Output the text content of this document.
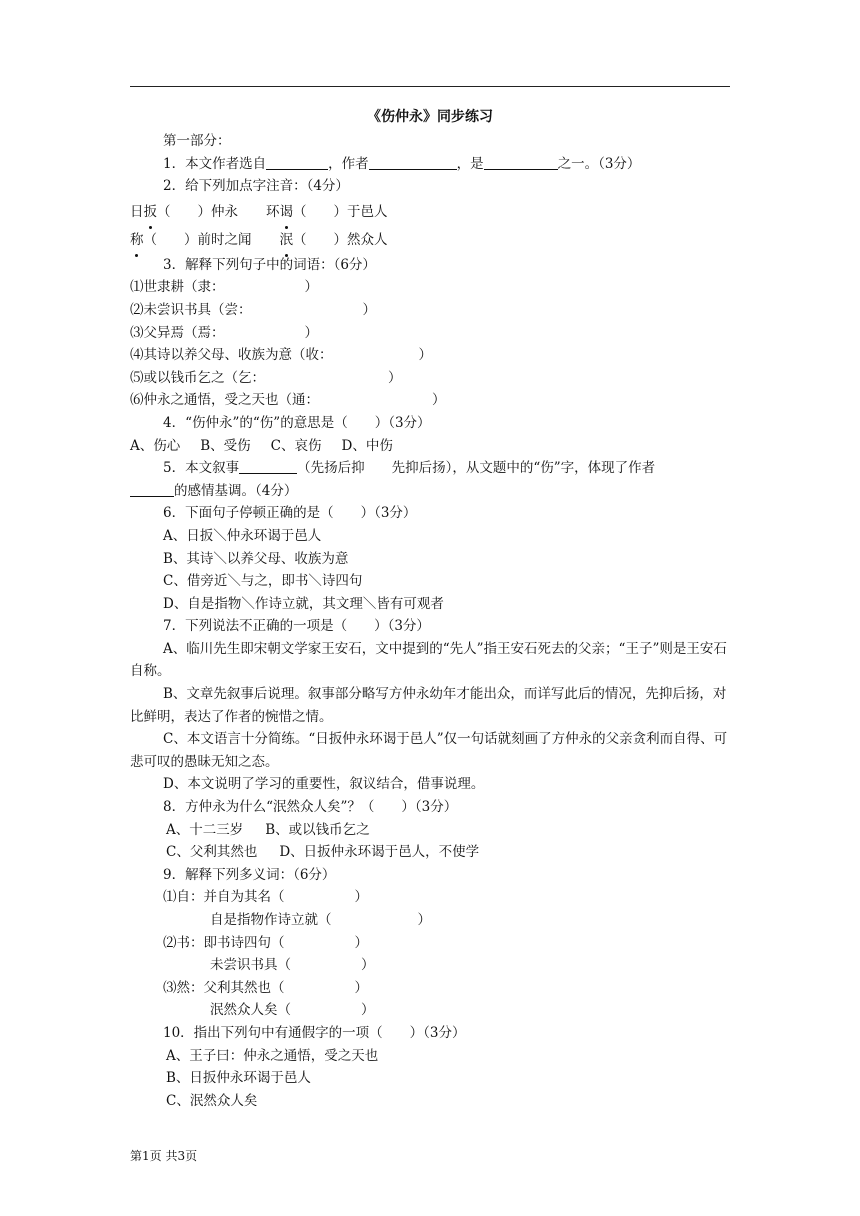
《伤仲永》同步练习
第一部分：
1．本文作者选自	，作者	，是	之一。（3分）
2．给下列加点字注音：（4分）
日扳（　　）仲永 环谒（　　）于邑人
称（　　）前时之闻 泯（　　）然众人
3．解释下列句子中的词语：（6分）
⑴世隶耕（隶：	）
⑵未尝识书具（尝：	）
⑶父异焉（焉：	）
⑷其诗以养父母、收族为意（收：	）
⑸或以钱币乞之（乞：	）
⑹仲永之通悟，受之天也（通：	）
4．“伤仲永”的“伤”的意思是（　　）（3分）
A、伤心 B、受伤 C、哀伤 D、中伤
5．本文叙事	（先扬后抑　　先抑后扬），从文题中的“伤”字，体现了作者
的感情基调。（4分）
6．下面句子停顿正确的是（　　）（3分）
A、日扳＼仲永环谒于邑人
B、其诗＼以养父母、收族为意
C、借旁近＼与之，即书＼诗四句
D、自是指物＼作诗立就，其文理＼皆有可观者
7．下列说法不正确的一项是（　　）（3分）
A、临川先生即宋朝文学家王安石，文中提到的“先人”指王安石死去的父亲；“王子”则是王安石自称。
B、文章先叙事后说理。叙事部分略写方仲永幼年才能出众，而详写此后的情况，先抑后扬，对比鲜明，表达了作者的惋惜之情。
C、本文语言十分简练。“日扳仲永环谒于邑人”仅一句话就刻画了方仲永的父亲贪利而自得、可悲可叹的愚昧无知之态。
D、本文说明了学习的重要性，叙议结合，借事说理。
8．方仲永为什么“泯然众人矣”？（　　）（3分）
A、十二三岁 B、或以钱币乞之
C、父利其然也 D、日扳仲永环谒于邑人，不使学
9．解释下列多义词：（6分）
⑴自：并自为其名（	）
自是指物作诗立就（	）
⑵书：即书诗四句（	）
未尝识书具（	）
⑶然：父利其然也（	）
泯然众人矣（	）
10．指出下列句中有通假字的一项（　　）（3分）
A、王子曰：仲永之通悟，受之天也
B、日扳仲永环谒于邑人
C、泯然众人矣
第1页 共3页
